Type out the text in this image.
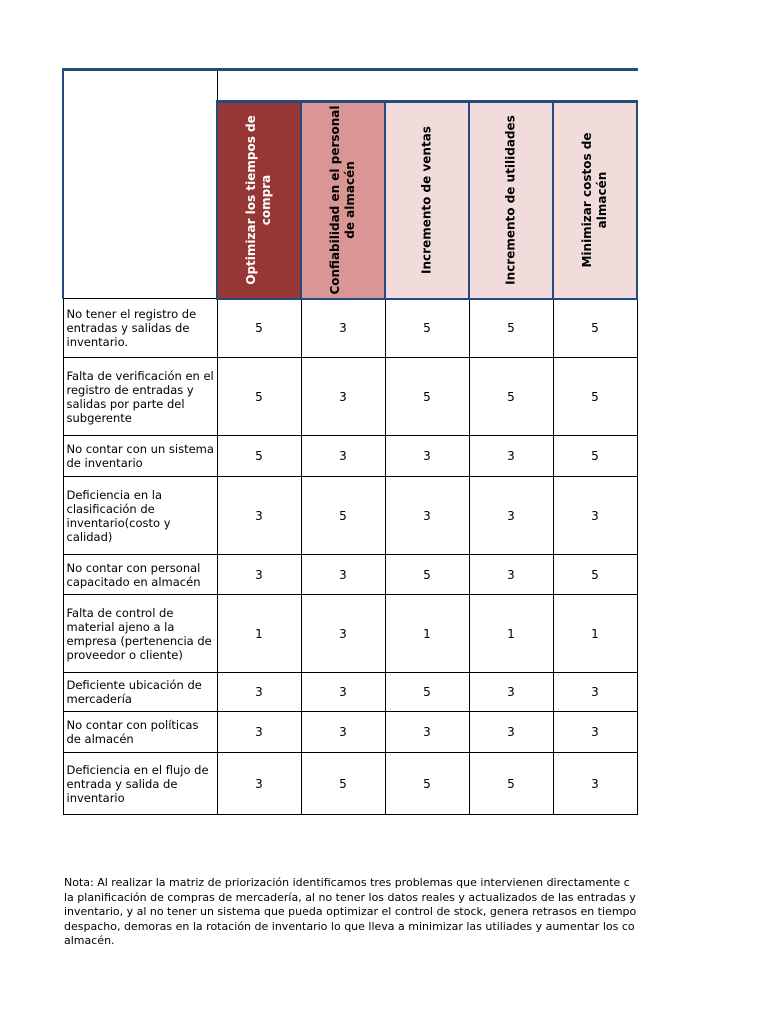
	Optimizar los tiempos de compra	Confiabilidad en el personal de almacén	Incremento de ventas	Incremento de utilidades	Minimizar costos de almacén	

No tener el registro de entradas y salidas de inventario.	5	3	5	5	5	
Falta de verificación en el registro de entradas y salidas por parte del subgerente	5	3	5	5	5	
No contar con un sistema de inventario	5	3	3	3	5	
Deficiencia en la clasificación de inventario(costo y calidad)	3	5	3	3	3	
No contar con personal capacitado en almacén	3	3	5	3	5	
Falta de control de material ajeno a la empresa (pertenencia de proveedor o cliente)	1	3	1	1	1	
Deficiente ubicación de mercadería	3	3	5	3	3	
No contar con políticas de almacén	3	3	3	3	3	
Deficiencia en el flujo de entrada y salida de inventario	3	5	5	5	3	
Nota: Al realizar la matriz de priorización identificamos tres problemas que intervienen directamente c
la planificación de compras de mercadería, al no tener los datos reales y actualizados de las entradas y
inventario, y al no tener un sistema que pueda optimizar el control de stock, genera retrasos en tiempo
despacho, demoras en la rotación de inventario lo que lleva a minimizar las utiliades y aumentar los co
almacén.
